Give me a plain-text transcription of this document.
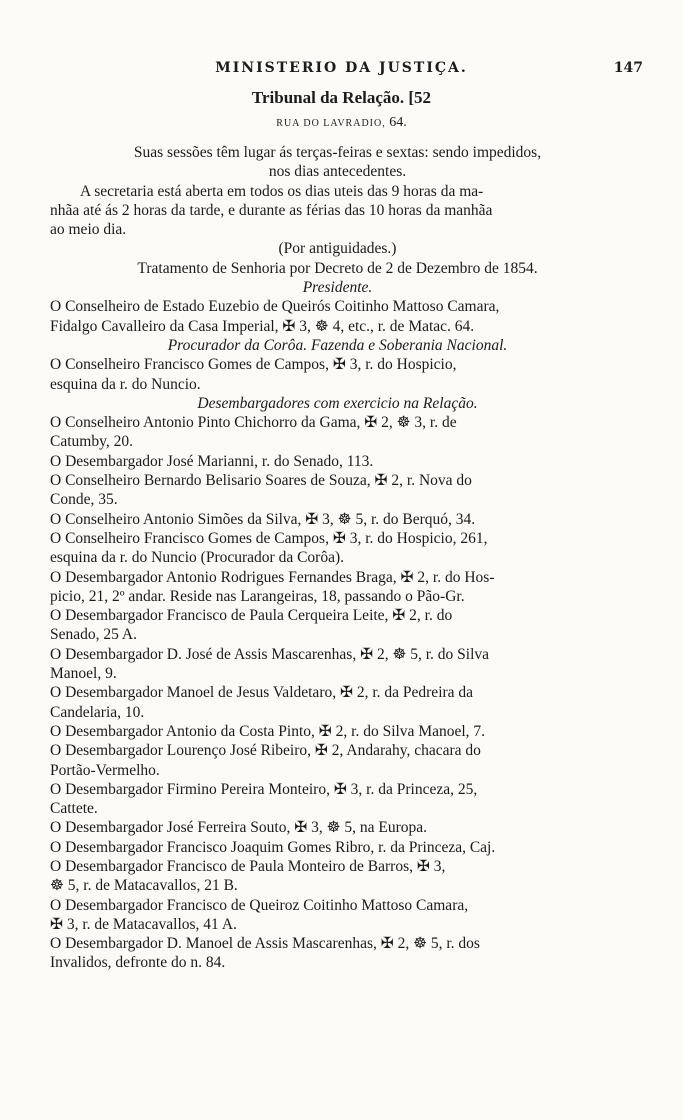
MINISTERIO DA JUSTIÇA.	147
Tribunal da Relação. [52
RUA DO LAVRADIO, 64.
Suas sessões têm lugar ás terças-feiras e sextas: sendo impedidos,
nos dias antecedentes.
A secretaria está aberta em todos os dias uteis das 9 horas da ma-
nhãa até ás 2 horas da tarde, e durante as férias das 10 horas da manhãa
ao meio dia.
(Por antiguidades.)
Tratamento de Senhoria por Decreto de 2 de Dezembro de 1854.
Presidente.
O Conselheiro de Estado Euzebio de Queirós Coitinho Mattoso Camara,
Fidalgo Cavalleiro da Casa Imperial, ✠ 3, ☸ 4, etc., r. de Matac. 64.
Procurador da Corôa. Fazenda e Soberania Nacional.
O Conselheiro Francisco Gomes de Campos, ✠ 3, r. do Hospicio,
esquina da r. do Nuncio.
Desembargadores com exercicio na Relação.
O Conselheiro Antonio Pinto Chichorro da Gama, ✠ 2, ☸ 3, r. de
Catumby, 20.
O Desembargador José Marianni, r. do Senado, 113.
O Conselheiro Bernardo Belisario Soares de Souza, ✠ 2, r. Nova do
Conde, 35.
O Conselheiro Antonio Simões da Silva, ✠ 3, ☸ 5, r. do Berquó, 34.
O Conselheiro Francisco Gomes de Campos, ✠ 3, r. do Hospicio, 261,
esquina da r. do Nuncio (Procurador da Corôa).
O Desembargador Antonio Rodrigues Fernandes Braga, ✠ 2, r. do Hos-
picio, 21, 2º andar. Reside nas Larangeiras, 18, passando o Pão-Gr.
O Desembargador Francisco de Paula Cerqueira Leite, ✠ 2, r. do
Senado, 25 A.
O Desembargador D. José de Assis Mascarenhas, ✠ 2, ☸ 5, r. do Silva
Manoel, 9.
O Desembargador Manoel de Jesus Valdetaro, ✠ 2, r. da Pedreira da
Candelaria, 10.
O Desembargador Antonio da Costa Pinto, ✠ 2, r. do Silva Manoel, 7.
O Desembargador Lourenço José Ribeiro, ✠ 2, Andarahy, chacara do
Portão-Vermelho.
O Desembargador Firmino Pereira Monteiro, ✠ 3, r. da Princeza, 25,
Cattete.
O Desembargador José Ferreira Souto, ✠ 3, ☸ 5, na Europa.
O Desembargador Francisco Joaquim Gomes Ribro, r. da Princeza, Caj.
O Desembargador Francisco de Paula Monteiro de Barros, ✠ 3,
☸ 5, r. de Matacavallos, 21 B.
O Desembargador Francisco de Queiroz Coitinho Mattoso Camara,
✠ 3, r. de Matacavallos, 41 A.
O Desembargador D. Manoel de Assis Mascarenhas, ✠ 2, ☸ 5, r. dos
Invalidos, defronte do n. 84.
